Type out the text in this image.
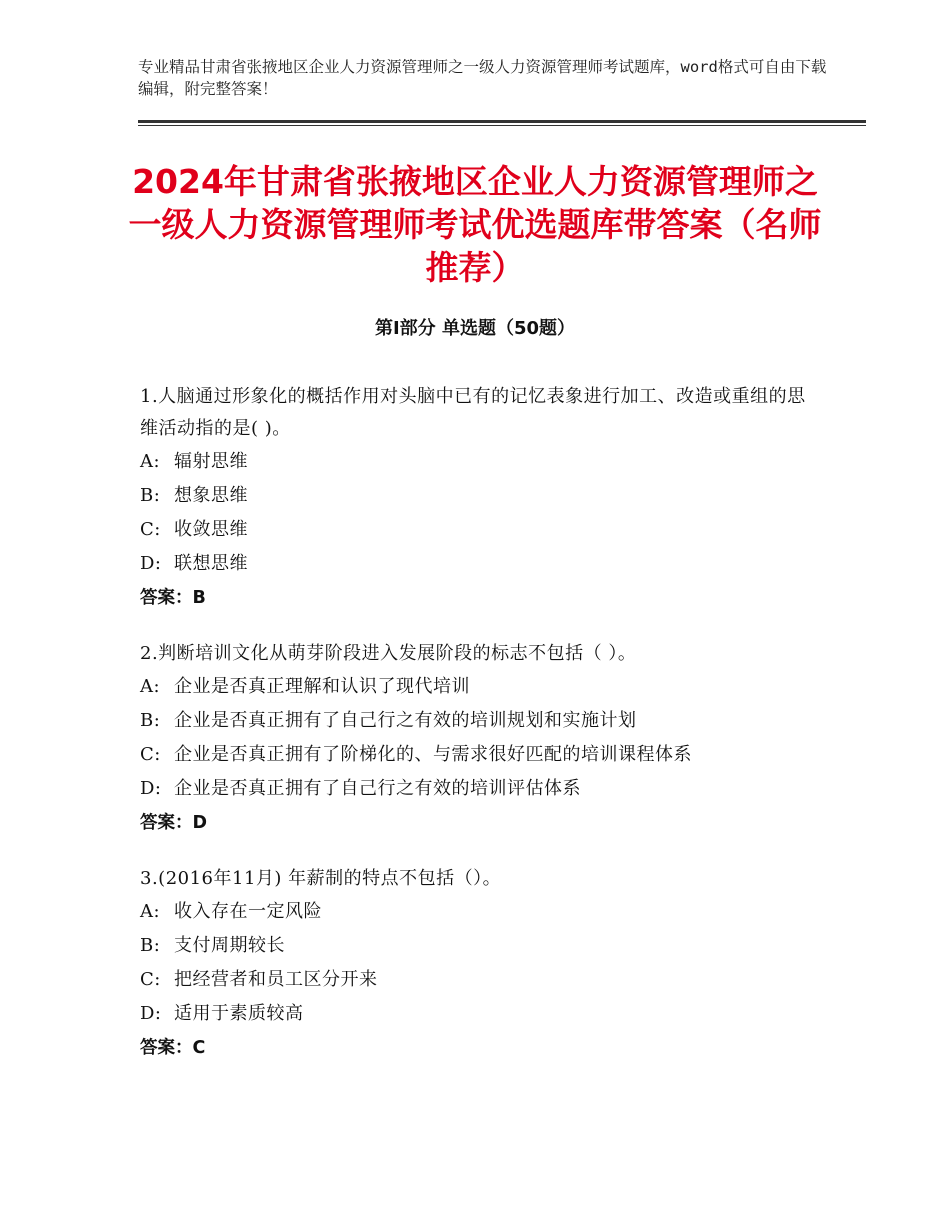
专业精品甘肃省张掖地区企业人力资源管理师之一级人力资源管理师考试题库，word格式可自由下载编辑，附完整答案！
2024年甘肃省张掖地区企业人力资源管理师之一级人力资源管理师考试优选题库带答案（名师推荐）
第Ⅰ部分 单选题（50题）

1.人脑通过形象化的概括作用对头脑中已有的记忆表象进行加工、改造或重组的思维活动指的是( )。

A: 辐射思维

B: 想象思维

C: 收敛思维

D: 联想思维

答案：B

2.判断培训文化从萌芽阶段进入发展阶段的标志不包括（ ）。

A: 企业是否真正理解和认识了现代培训

B: 企业是否真正拥有了自己行之有效的培训规划和实施计划

C: 企业是否真正拥有了阶梯化的、与需求很好匹配的培训课程体系

D: 企业是否真正拥有了自己行之有效的培训评估体系

答案：D

3.(2016年11月) 年薪制的特点不包括（）。

A: 收入存在一定风险

B: 支付周期较长

C: 把经营者和员工区分开来

D: 适用于素质较高

答案：C
